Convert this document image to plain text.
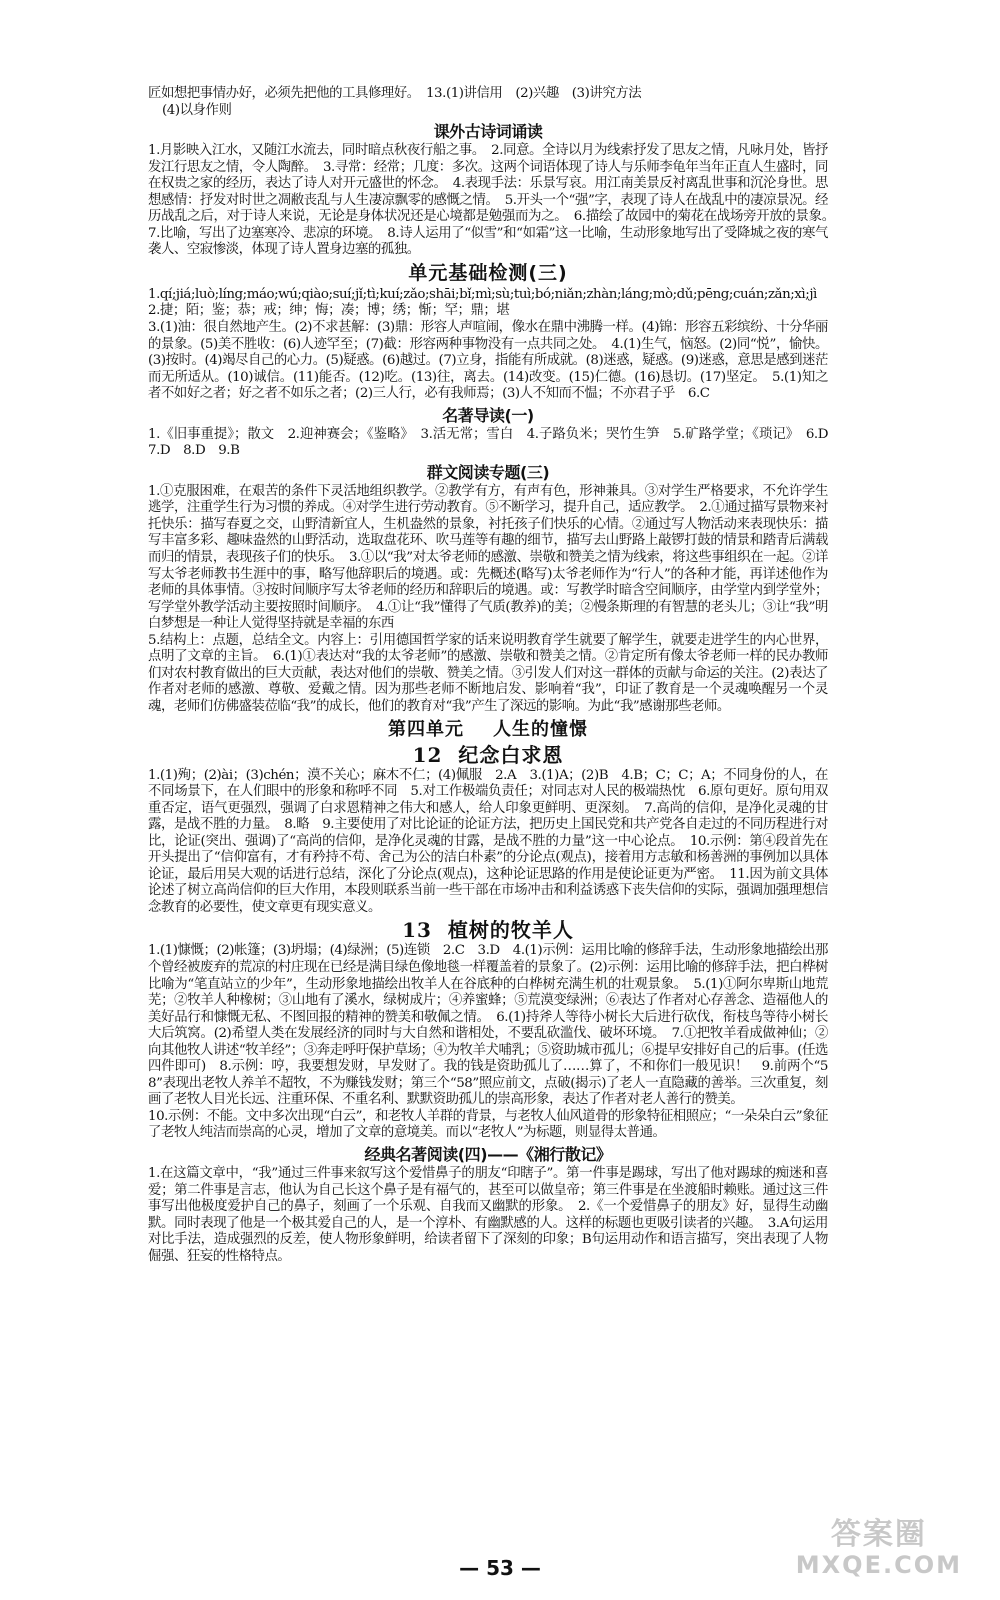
匠如想把事情办好，必须先把他的工具修理好。　13.(1)讲信用　(2)兴趣　(3)讲究方法

(4)以身作则

课外古诗词诵读

1.月影映入江水，又随江水流去，同时暗点秋夜行船之事。　2.同意。全诗以月为线索抒发了思友之情，凡咏月处，皆抒发江行思友之情，令人陶醉。　3.寻常：经常；几度：多次。这两个词语体现了诗人与乐师李龟年当年正直人生盛时，同在权贵之家的经历，表达了诗人对开元盛世的怀念。　4.表现手法：乐景写哀。用江南美景反衬离乱世事和沉沦身世。思想感情：抒发对时世之凋敝丧乱与人生凄凉飘零的感慨之情。　5.开头一个“强”字，表现了诗人在战乱中的凄凉景况。经历战乱之后，对于诗人来说，无论是身体状况还是心境都是勉强而为之。　6.描绘了故园中的菊花在战场旁开放的景象。　7.比喻，写出了边塞寒冷、悲凉的环境。　8.诗人运用了“似雪”和“如霜”这一比喻，生动形象地写出了受降城之夜的寒气袭人、空寂惨淡，体现了诗人置身边塞的孤独。

单元基础检测(三)

1.qí;jiá;luò;líng;máo;wú;qiào;suí;jǐ;tì;kuí;zǎo;shāi;bǐ;mì;sù;tuì;bó;niǎn;zhàn;láng;mò;dǔ;pēng;cuán;zǎn;xì;jì　2.捷；陌；鉴；恭；戒；绅；悔；凑；博；绣；惭；罕；鼎；堪

3.(1)油：很自然地产生。(2)不求甚解：(3)鼎：形容人声喧闹，像水在鼎中沸腾一样。(4)锦：形容五彩缤纷、十分华丽的景象。(5)美不胜收：(6)人迹罕至；(7)截：形容两种事物没有一点共同之处。　4.(1)生气，恼怒。(2)同“悦”，愉快。(3)按时。(4)竭尽自己的心力。(5)疑惑。(6)越过。(7)立身，指能有所成就。(8)迷惑，疑惑。(9)迷惑，意思是感到迷茫而无所适从。(10)诚信。(11)能否。(12)吃。(13)往，离去。(14)改变。(15)仁德。(16)恳切。(17)坚定。　5.(1)知之者不如好之者；好之者不如乐之者；(2)三人行，必有我师焉；(3)人不知而不愠；不亦君子乎　6.C

名著导读(一)

1.《旧事重提》；散文　2.迎神赛会；《鉴略》　3.活无常；雪白　4.子路负米；哭竹生笋　5.矿路学堂；《琐记》　6.D　7.D　8.D　9.B

群文阅读专题(三)

1.①克服困难，在艰苦的条件下灵活地组织教学。②教学有方，有声有色，形神兼具。③对学生严格要求，不允许学生逃学，注重学生行为习惯的养成。④对学生进行劳动教育。⑤不断学习，提升自己，适应教学。　2.①通过描写景物来衬托快乐：描写春夏之交，山野清新宜人，生机盎然的景象，衬托孩子们快乐的心情。②通过写人物活动来表现快乐：描写丰富多彩、趣味盎然的山野活动，选取盘花环、吹马莲等有趣的细节，描写去山野路上敲锣打鼓的情景和踏青后满载而归的情景，表现孩子们的快乐。　3.①以“我”对太爷老师的感激、崇敬和赞美之情为线索，将这些事组织在一起。②详写太爷老师教书生涯中的事，略写他辞职后的境遇。或：先概述(略写)太爷老师作为“行人”的各种才能，再详述他作为老师的具体事情。③按时间顺序写太爷老师的经历和辞职后的境遇。或：写教学时暗含空间顺序，由学堂内到学堂外；写学堂外教学活动主要按照时间顺序。　4.①让“我”懂得了气质(教养)的美；②慢条斯理的有智慧的老头儿；③让“我”明白梦想是一种让人觉得坚持就是幸福的东西

5.结构上：点题，总结全文。内容上：引用德国哲学家的话来说明教育学生就要了解学生，就要走进学生的内心世界，点明了文章的主旨。　6.(1)①表达对“我的太爷老师”的感激、崇敬和赞美之情。②肯定所有像太爷老师一样的民办教师们对农村教育做出的巨大贡献，表达对他们的崇敬、赞美之情。③引发人们对这一群体的贡献与命运的关注。(2)表达了作者对老师的感激、尊敬、爱戴之情。因为那些老师不断地启发、影响着“我”，印证了教育是一个灵魂唤醒另一个灵魂，老师们仿佛盛装莅临“我”的成长，他们的教育对“我”产生了深远的影响。为此“我”感谢那些老师。

第四单元 人生的憧憬
12 纪念白求恩

1.(1)殉；(2)ài；(3)chén；漠不关心；麻木不仁；(4)佩服　2.A　3.(1)A；(2)B　4.B；C；C；A；不同身份的人，在不同场景下，在人们眼中的形象和称呼不同　5.对工作极端负责任；对同志对人民的极端热忱　6.原句更好。原句用双重否定，语气更强烈，强调了白求恩精神之伟大和感人，给人印象更鲜明、更深刻。　7.高尚的信仰，是净化灵魂的甘露，是战不胜的力量。　8.略　9.主要使用了对比论证的论证方法，把历史上国民党和共产党各自走过的不同历程进行对比，论证(突出、强调)了“高尚的信仰，是净化灵魂的甘露，是战不胜的力量”这一中心论点。　10.示例：第④段首先在开头提出了“信仰富有，才有矜持不苟、舍己为公的洁白朴素”的分论点(观点)，接着用方志敏和杨善洲的事例加以具体论证，最后用吴大观的话进行总结，深化了分论点(观点)，这种论证思路的作用是使论证更为严密。　11.因为前文具体论述了树立高尚信仰的巨大作用，本段则联系当前一些干部在市场冲击和利益诱惑下丧失信仰的实际，强调加强理想信念教育的必要性，使文章更有现实意义。

13 植树的牧羊人

1.(1)慷慨；(2)帐篷；(3)坍塌；(4)绿洲；(5)连锁　2.C　3.D　4.(1)示例：运用比喻的修辞手法，生动形象地描绘出那个曾经被废弃的荒凉的村庄现在已经是满目绿色像地毯一样覆盖着的景象了。(2)示例：运用比喻的修辞手法，把白桦树比喻为“笔直站立的少年”，生动形象地描绘出牧羊人在谷底种的白桦树充满生机的壮观景象。　5.(1)①阿尔卑斯山地荒芜；②牧羊人种橡树；③山地有了溪水，绿树成片；④养蜜蜂；⑤荒漠变绿洲；⑥表达了作者对心存善念、造福他人的美好品行和慷慨无私、不图回报的精神的赞美和敬佩之情。　6.(1)持斧人等待小树长大后进行砍伐，衔枝鸟等待小树长大后筑窝。(2)希望人类在发展经济的同时与大自然和谐相处，不要乱砍滥伐、破坏环境。　7.①把牧羊看成做神仙；②向其他牧人讲述“牧羊经”；③奔走呼吁保护草场；④为牧羊犬哺乳；⑤资助城市孤儿；⑥提早安排好自己的后事。(任选四件即可)　8.示例：哼，我要想发财，早发财了。我的钱是资助孤儿了……算了，不和你们一般见识！　9.前两个“58”表现出老牧人养羊不超牧，不为赚钱发财；第三个“58”照应前文，点破(揭示)了老人一直隐藏的善举。三次重复，刻画了老牧人目光长远、注重环保、不重名利、默默资助孤儿的崇高形象，表达了作者对老人善行的赞美。

10.示例：不能。文中多次出现“白云”，和老牧人羊群的背景，与老牧人仙风道骨的形象特征相照应；“一朵朵白云”象征了老牧人纯洁而崇高的心灵，增加了文章的意境美。而以“老牧人”为标题，则显得太普通。

经典名著阅读(四)——《湘行散记》

1.在这篇文章中，“我”通过三件事来叙写这个爱惜鼻子的朋友“印瞎子”。第一件事是踢球，写出了他对踢球的痴迷和喜爱；第二件事是言志，他认为自己长这个鼻子是有福气的，甚至可以做皇帝；第三件事是在坐渡船时赖账。通过这三件事写出他极度爱护自己的鼻子，刻画了一个乐观、自我而又幽默的形象。　2.《一个爱惜鼻子的朋友》好，显得生动幽默。同时表现了他是一个极其爱自己的人，是一个淳朴、有幽默感的人。这样的标题也更吸引读者的兴趣。　3.A句运用对比手法，造成强烈的反差，使人物形象鲜明，给读者留下了深刻的印象；B句运用动作和语言描写，突出表现了人物倔强、狂妄的性格特点。

— 53 —
答案圈
MXQE.COM
